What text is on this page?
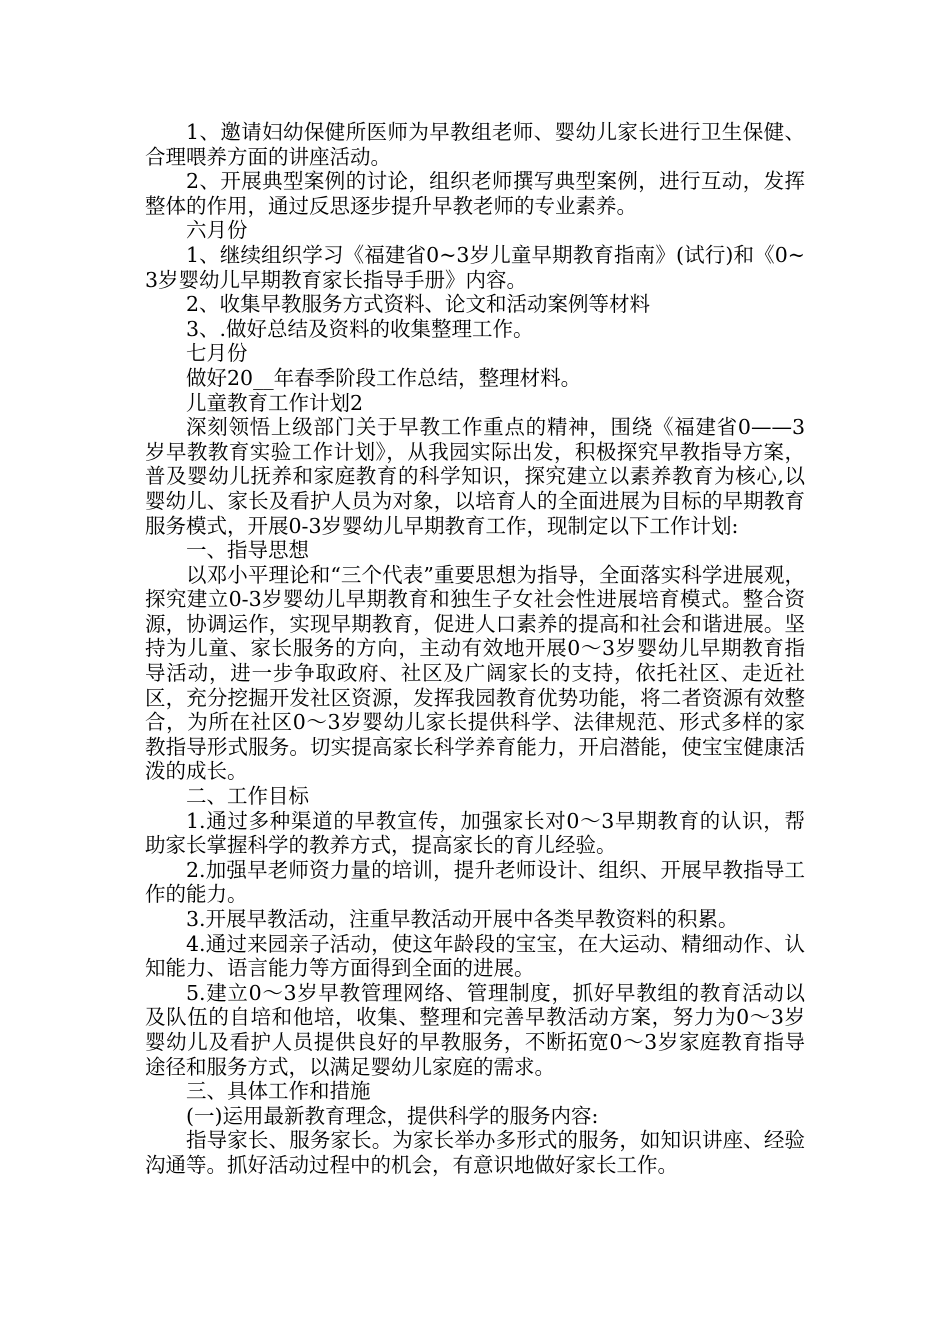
1、邀请妇幼保健所医师为早教组老师、婴幼儿家长进行卫生保健、合理喂养方面的讲座活动。

2、开展典型案例的讨论，组织老师撰写典型案例，进行互动，发挥整体的作用，通过反思逐步提升早教老师的专业素养。

六月份

1、继续组织学习《福建省0~3岁儿童早期教育指南》(试行)和《0~3岁婴幼儿早期教育家长指导手册》内容。

2、收集早教服务方式资料、论文和活动案例等材料

3、.做好总结及资料的收集整理工作。

七月份

做好20__年春季阶段工作总结，整理材料。

儿童教育工作计划2

深刻领悟上级部门关于早教工作重点的精神，围绕《福建省0——3岁早教教育实验工作计划》，从我园实际出发，积极探究早教指导方案，普及婴幼儿抚养和家庭教育的科学知识，探究建立以素养教育为核心,以婴幼儿、家长及看护人员为对象，以培育人的全面进展为目标的早期教育服务模式，开展0-3岁婴幼儿早期教育工作，现制定以下工作计划:

一、指导思想

以邓小平理论和“三个代表”重要思想为指导，全面落实科学进展观，探究建立0-3岁婴幼儿早期教育和独生子女社会性进展培育模式。整合资源，协调运作，实现早期教育，促进人口素养的提高和社会和谐进展。坚持为儿童、家长服务的方向，主动有效地开展0～3岁婴幼儿早期教育指导活动，进一步争取政府、社区及广阔家长的支持，依托社区、走近社区，充分挖掘开发社区资源，发挥我园教育优势功能，将二者资源有效整合，为所在社区0～3岁婴幼儿家长提供科学、法律规范、形式多样的家教指导形式服务。切实提高家长科学养育能力，开启潜能，使宝宝健康活泼的成长。

二、工作目标

1.通过多种渠道的早教宣传，加强家长对0～3早期教育的认识，帮助家长掌握科学的教养方式，提高家长的育儿经验。

2.加强早老师资力量的培训，提升老师设计、组织、开展早教指导工作的能力。

3.开展早教活动，注重早教活动开展中各类早教资料的积累。

4.通过来园亲子活动，使这年龄段的宝宝，在大运动、精细动作、认知能力、语言能力等方面得到全面的进展。

5.建立0～3岁早教管理网络、管理制度，抓好早教组的教育活动以及队伍的自培和他培，收集、整理和完善早教活动方案，努力为0～3岁婴幼儿及看护人员提供良好的早教服务，不断拓宽0～3岁家庭教育指导途径和服务方式，以满足婴幼儿家庭的需求。

三、具体工作和措施

(一)运用最新教育理念，提供科学的服务内容:

指导家长、服务家长。为家长举办多形式的服务，如知识讲座、经验沟通等。抓好活动过程中的机会，有意识地做好家长工作。
